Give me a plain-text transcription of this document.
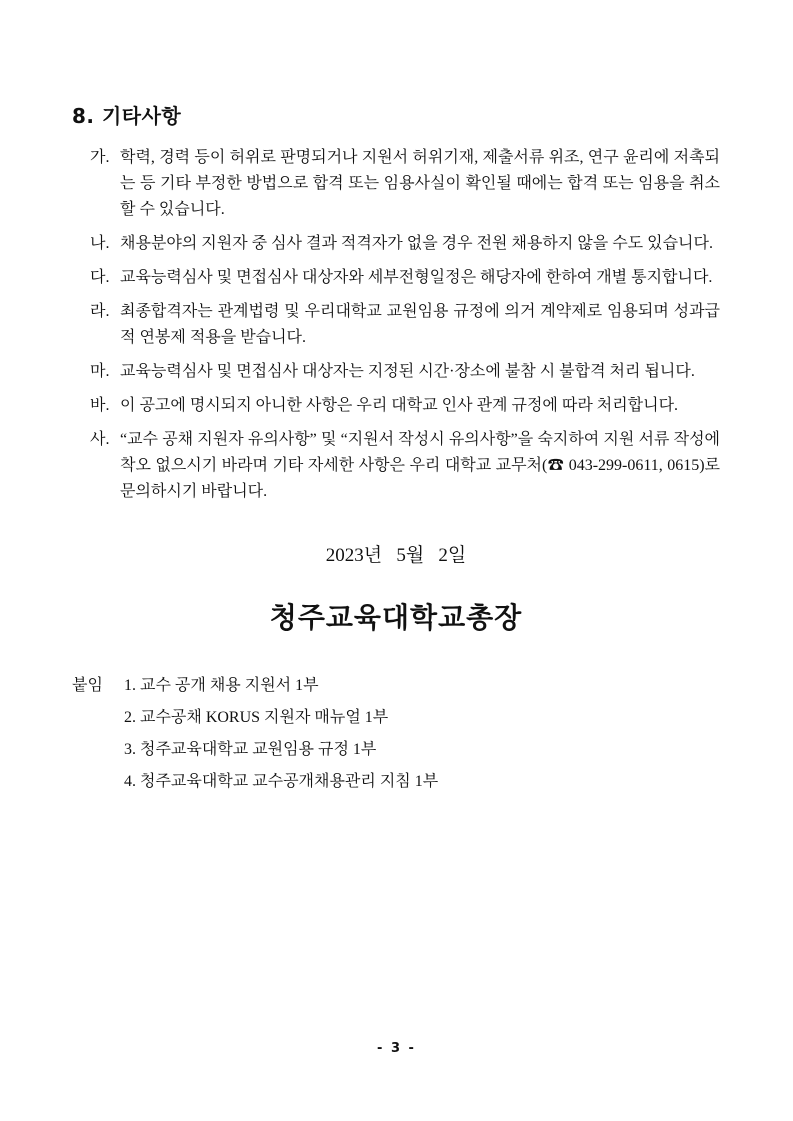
8. 기타사항
가. 학력, 경력 등이 허위로 판명되거나 지원서 허위기재, 제출서류 위조, 연구 윤리에 저촉되는 등 기타 부정한 방법으로 합격 또는 임용사실이 확인될 때에는 합격 또는 임용을 취소할 수 있습니다.
나. 채용분야의 지원자 중 심사 결과 적격자가 없을 경우 전원 채용하지 않을 수도 있습니다.
다. 교육능력심사 및 면접심사 대상자와 세부전형일정은 해당자에 한하여 개별 통지합니다.
라. 최종합격자는 관계법령 및 우리대학교 교원임용 규정에 의거 계약제로 임용되며 성과급적 연봉제 적용을 받습니다.
마. 교육능력심사 및 면접심사 대상자는 지정된 시간·장소에 불참 시 불합격 처리 됩니다.
바. 이 공고에 명시되지 아니한 사항은 우리 대학교 인사 관계 규정에 따라 처리합니다.
사. “교수 공채 지원자 유의사항” 및 “지원서 작성시 유의사항”을 숙지하여 지원 서류 작성에 착오 없으시기 바라며 기타 자세한 사항은 우리 대학교 교무처(☎ 043-299-0611, 0615)로 문의하시기 바랍니다.
2023년   5월   2일
청주교육대학교총장
붙임	1. 교수 공개 채용 지원서 1부
2. 교수공채 KORUS 지원자 매뉴얼 1부
3. 청주교육대학교 교원임용 규정 1부
4. 청주교육대학교 교수공개채용관리 지침 1부
- 3 -
